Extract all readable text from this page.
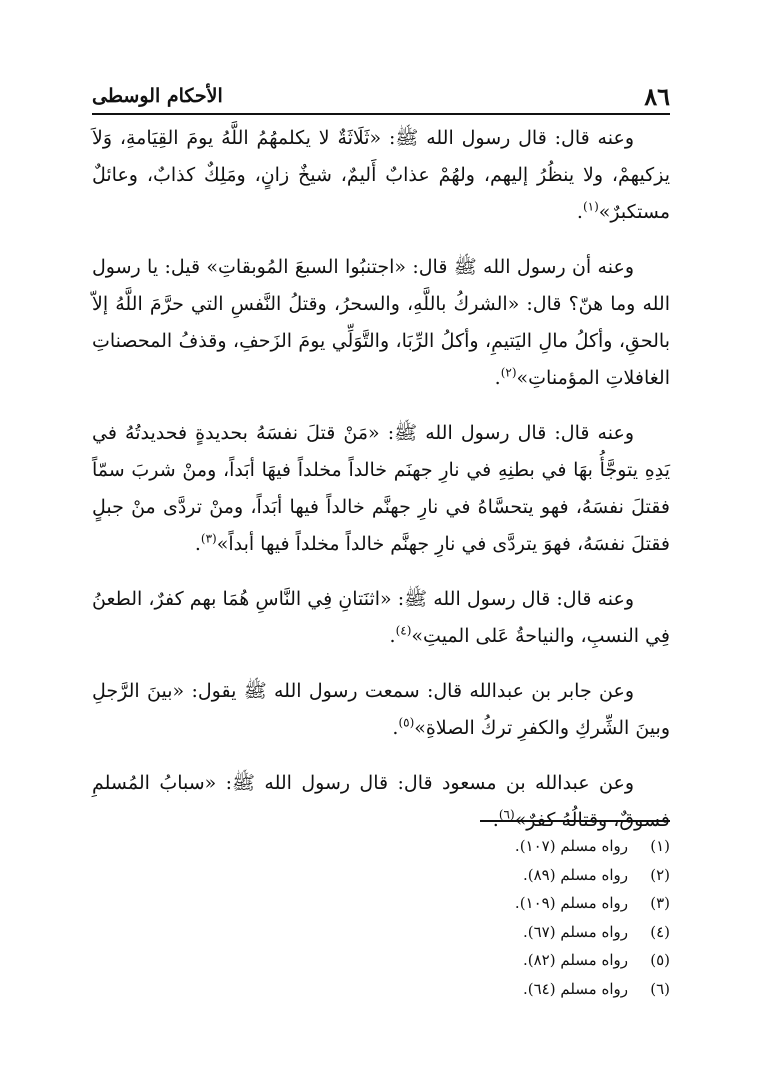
٨٦
الأحكام الوسطى

وعنه قال: قال رسول الله ﷺ: «ثَلَاثَةٌ لا يكلمهُمُ اللَّهُ يومَ القِيَامةِ، وَلاَ يزكيهمْ، ولا ينظُرُ إليهم، ولهُمْ عذابٌ أَليمٌ، شيخٌ زانٍ، ومَلِكٌ كذابٌ، وعائلٌ مستكبرٌ»$^{(١)}$.

وعنه أن رسول الله ﷺ قال: «اجتنبُوا السبعَ المُوبقاتِ» قيل: يا رسول الله وما هنّ؟ قال: «الشركُ باللَّهِ، والسحرُ، وقتلُ النَّفسِ التي حرَّمَ اللَّهُ إلاّ بالحقِ، وأكلُ مالِ اليَتيمِ، وأكلُ الرِّبَا، والتَّوَلِّي يومَ الزَحفِ، وقذفُ المحصناتِ الغافلاتِ المؤمناتِ»$^{(٢)}$.

وعنه قال: قال رسول الله ﷺ: «مَنْ قتلَ نفسَهُ بحديدةٍ فحديدتُهُ في يَدِهِ يتوجَّأُ بهَا في بطنِهِ في نارِ جهنَم خالداً مخلداً فيهَا أبَداً، ومنْ شربَ سمّاً فقتلَ نفسَهُ، فهو يتحسَّاهُ في نارِ جهنَّم خالداً فيها أبَداً، ومنْ تردَّى منْ جبلٍ فقتلَ نفسَهُ، فهوَ يتردَّى في نارِ جهنَّم خالداً مخلداً فيها أبداً»$^{(٣)}$.

وعنه قال: قال رسول الله ﷺ: «اثنَتانِ فِي النَّاسِ هُمَا بهم كفرٌ، الطعنُ فِي النسبِ، والنياحةُ عَلى الميتِ»$^{(٤)}$.

وعن جابر بن عبدالله قال: سمعت رسول الله ﷺ يقول: «بينَ الرَّجلِ وبينَ الشِّركِ والكفرِ تركُ الصلاةِ»$^{(٥)}$.

وعن عبدالله بن مسعود قال: قال رسول الله ﷺ: «سبابُ المُسلمِ فسوقٌ، وقتالُهُ كفرٌ»$^{(٦)}$.

(١)رواه مسلم (١٠٧).
(٢)رواه مسلم (٨٩).
(٣)رواه مسلم (١٠٩).
(٤)رواه مسلم (٦٧).
(٥)رواه مسلم (٨٢).
(٦)رواه مسلم (٦٤).
